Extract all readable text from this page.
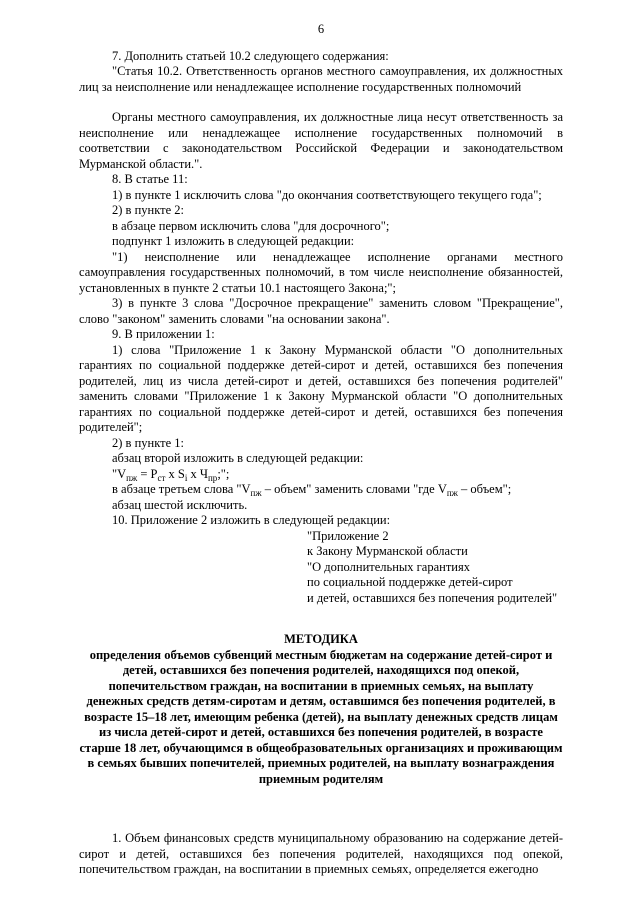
6

7. Дополнить статьей 10.2 следующего содержания:

"Статья 10.2. Ответственность органов местного самоуправления, их должностных лиц за неисполнение или ненадлежащее исполнение государственных полномочий

Органы местного самоуправления, их должностные лица несут ответственность за неисполнение или ненадлежащее исполнение государственных полномочий в соответствии с законодательством Российской Федерации и законодательством Мурманской области.".

8. В статье 11:

1) в пункте 1 исключить слова "до окончания соответствующего текущего года";

2) в пункте 2:

в абзаце первом исключить слова "для досрочного";

подпункт 1 изложить в следующей редакции:

"1) неисполнение или ненадлежащее исполнение органами местного самоуправления государственных полномочий, в том числе неисполнение обязанностей, установленных в пункте 2 статьи 10.1 настоящего Закона;";

3) в пункте 3 слова "Досрочное прекращение" заменить словом "Прекращение", слово "законом" заменить словами "на основании закона".

9. В приложении 1:

1) слова "Приложение 1 к Закону Мурманской области "О дополнительных гарантиях по социальной поддержке детей-сирот и детей, оставшихся без попечения родителей, лиц из числа детей-сирот и детей, оставшихся без попечения родителей" заменить словами "Приложение 1 к Закону Мурманской области "О дополнительных гарантиях по социальной поддержке детей-сирот и детей, оставшихся без попечения родителей";

2) в пункте 1:

абзац второй изложить в следующей редакции:

"$V_{пж} = Р_{ст}$ х $S_i$ х $Ч_{пр}$;";

в абзаце третьем слова "$V_{пж}$ – объем" заменить словами "где $V_{пж}$ – объем";

абзац шестой исключить.

10. Приложение 2 изложить в следующей редакции:

"Приложение 2

к Закону Мурманской области

"О дополнительных гарантиях

по социальной поддержке детей-сирот

и детей, оставшихся без попечения родителей"

МЕТОДИКА

определения объемов субвенций местным бюджетам на содержание детей-сирот и детей, оставшихся без попечения родителей, находящихся под опекой, попечительством граждан, на воспитании в приемных семьях, на выплату денежных средств детям-сиротам и детям, оставшимся без попечения родителей, в возрасте 15–18 лет, имеющим ребенка (детей), на выплату денежных средств лицам из числа детей-сирот и детей, оставшихся без попечения родителей, в возрасте старше 18 лет, обучающимся в общеобразовательных организациях и проживающим в семьях бывших попечителей, приемных родителей, на выплату вознаграждения приемным родителям

1. Объем финансовых средств муниципальному образованию на содержание детей-сирот и детей, оставшихся без попечения родителей, находящихся под опекой, попечительством граждан, на воспитании в приемных семьях, определяется ежегодно
